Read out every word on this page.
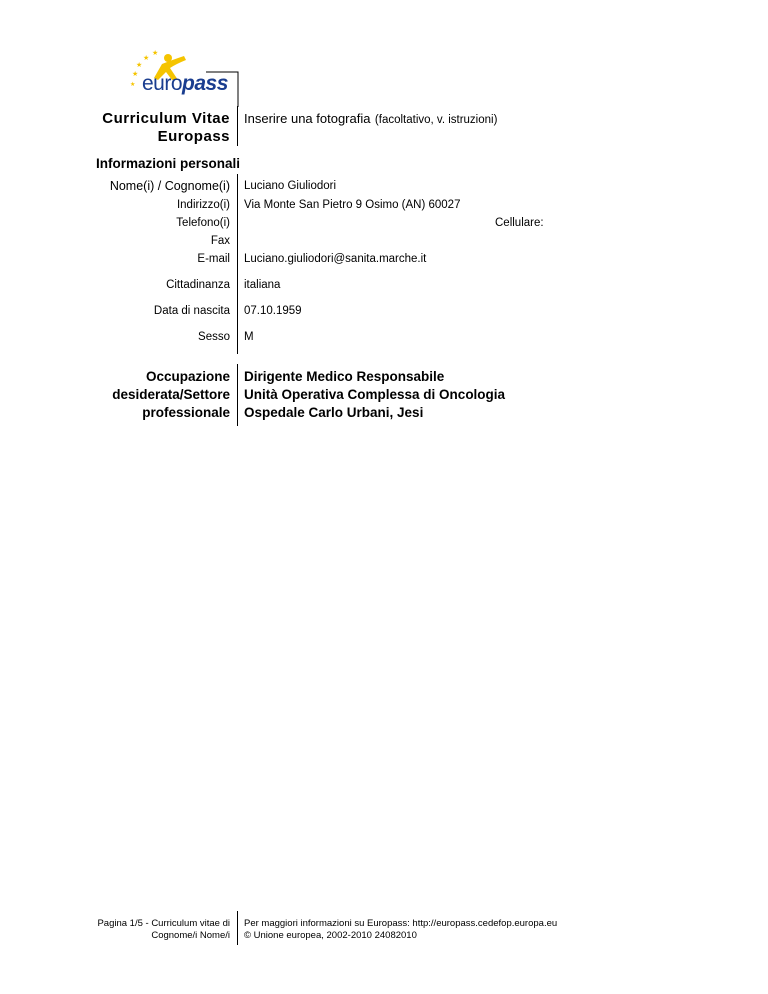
★
★
★
★
★ europass
Curriculum Vitae
Europass
Inserire una fotografia (facoltativo, v. istruzioni)
Informazioni personali
Nome(i) / Cognome(i) Luciano Giuliodori
Indirizzo(i) Via Monte San Pietro 9 Osimo (AN) 60027
Telefono(i)	Cellulare:
Fax
E-mail Luciano.giuliodori@sanita.marche.it
Cittadinanza italiana
Data di nascita 07.10.1959
Sesso M
Occupazione
desiderata/Settore
professionale
Dirigente Medico Responsabile
Unità Operativa Complessa di Oncologia
Ospedale Carlo Urbani, Jesi
Pagina 1/5 - Curriculum vitae di
Cognome/i Nome/i
Per maggiori informazioni su Europass: http://europass.cedefop.europa.eu
© Unione europea, 2002-2010 24082010
